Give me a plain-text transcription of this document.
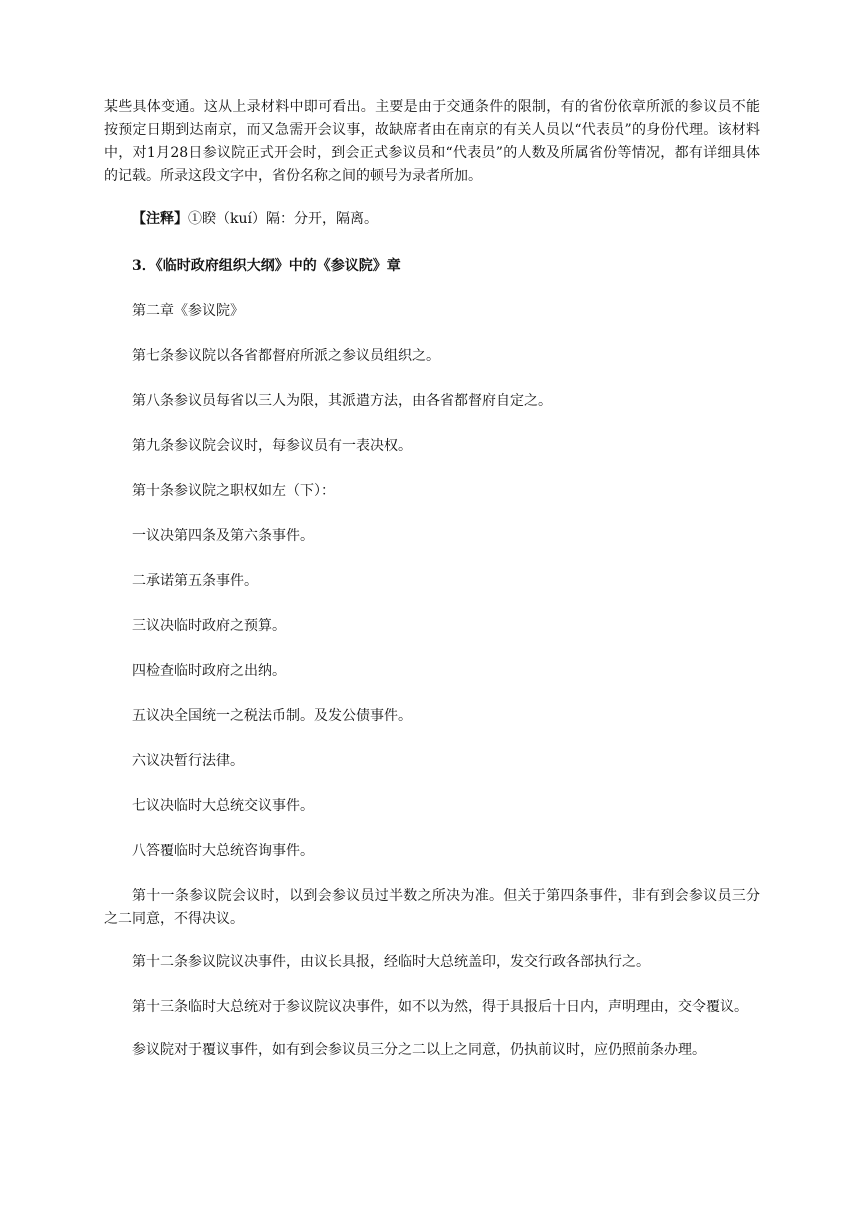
某些具体变通。这从上录材料中即可看出。主要是由于交通条件的限制，有的省份依章所派的参议员不能按预定日期到达南京，而又急需开会议事，故缺席者由在南京的有关人员以“代表员”的身份代理。该材料中，对1月28日参议院正式开会时，到会正式参议员和“代表员”的人数及所属省份等情况，都有详细具体的记载。所录这段文字中，省份名称之间的顿号为录者所加。

【注释】①睽（kuí）隔：分开，隔离。

3．《临时政府组织大纲》中的《参议院》章

第二章《参议院》

第七条参议院以各省都督府所派之参议员组织之。

第八条参议员每省以三人为限，其派遣方法，由各省都督府自定之。

第九条参议院会议时，每参议员有一表决权。

第十条参议院之职权如左（下）：

一议决第四条及第六条事件。

二承诺第五条事件。

三议决临时政府之预算。

四检查临时政府之出纳。

五议决全国统一之税法币制。及发公债事件。

六议决暂行法律。

七议决临时大总统交议事件。

八答覆临时大总统咨询事件。

第十一条参议院会议时，以到会参议员过半数之所决为准。但关于第四条事件，非有到会参议员三分之二同意，不得决议。

第十二条参议院议决事件，由议长具报，经临时大总统盖印，发交行政各部执行之。

第十三条临时大总统对于参议院议决事件，如不以为然，得于具报后十日内，声明理由，交令覆议。

参议院对于覆议事件，如有到会参议员三分之二以上之同意，仍执前议时，应仍照前条办理。
